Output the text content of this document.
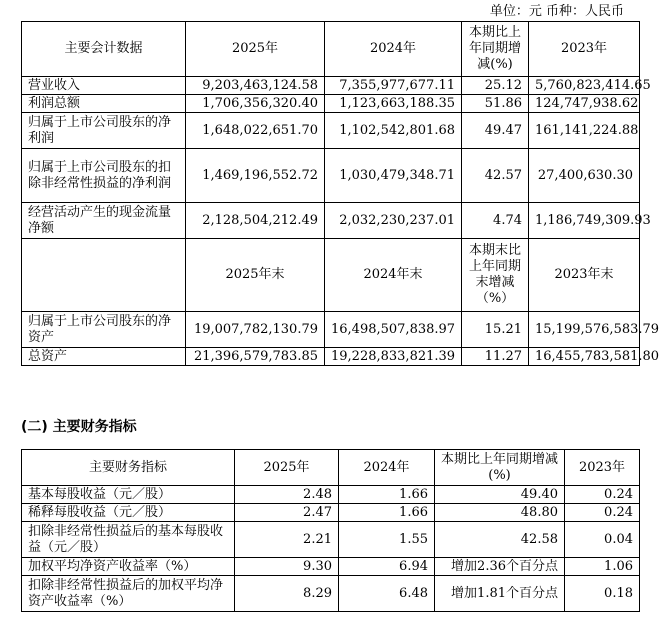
单位：元 币种：人民币
主要会计数据	2025年	2024年	本期比上年同期增减(%)	2023年
营业收入	9,203,463,124.58	7,355,977,677.11	25.12	5,760,823,414.65
利润总额	1,706,356,320.40	1,123,663,188.35	51.86	124,747,938.62
归属于上市公司股东的净利润	1,648,022,651.70	1,102,542,801.68	49.47	161,141,224.88
归属于上市公司股东的扣除非经常性损益的净利润	1,469,196,552.72	1,030,479,348.71	42.57	27,400,630.30
经营活动产生的现金流量净额	2,128,504,212.49	2,032,230,237.01	4.74	1,186,749,309.93
	2025年末	2024年末	本期末比上年同期末增减（%）	2023年末
归属于上市公司股东的净资产	19,007,782,130.79	16,498,507,838.97	15.21	15,199,576,583.79
总资产	21,396,579,783.85	19,228,833,821.39	11.27	16,455,783,581.80
(二) 主要财务指标
主要财务指标	2025年	2024年	本期比上年同期增减(%)	2023年
基本每股收益（元／股）	2.48	1.66	49.40	0.24
稀释每股收益（元／股）	2.47	1.66	48.80	0.24
扣除非经常性损益后的基本每股收益（元／股）	2.21	1.55	42.58	0.04
加权平均净资产收益率（%）	9.30	6.94	增加2.36个百分点	1.06
扣除非经常性损益后的加权平均净资产收益率（%）	8.29	6.48	增加1.81个百分点	0.18
